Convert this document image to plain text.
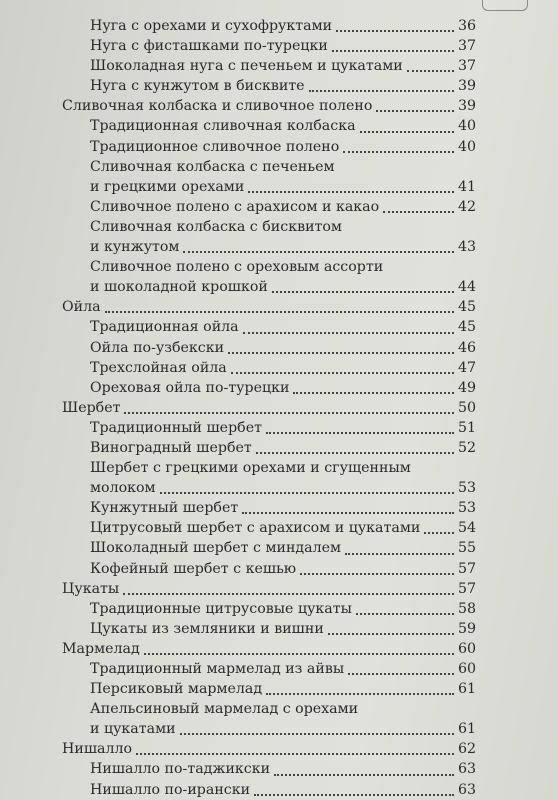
Нуга с орехами и сухофруктами	36
Нуга с фисташками по-турецки	37
Шоколадная нуга с печеньем и цукатами	37
Нуга с кунжутом в бисквите	39
Сливочная колбаска и сливочное полено	39
Традиционная сливочная колбаска	40
Традиционное сливочное полено	40
Сливочная колбаска с печеньем
и грецкими орехами	41
Сливочное полено с арахисом и какао	42
Сливочная колбаска с бисквитом
и кунжутом	43
Сливочное полено с ореховым ассорти
и шоколадной крошкой	44
Ойла	45
Традиционная ойла	45
Ойла по-узбекски	46
Трехслойная ойла	47
Ореховая ойла по-турецки	49
Шербет	50
Традиционный шербет	51
Виноградный шербет	52
Шербет с грецкими орехами и сгущенным
молоком	53
Кунжутный шербет	53
Цитрусовый шербет с арахисом и цукатами	54
Шоколадный шербет с миндалем	55
Кофейный шербет с кешью	57
Цукаты	57
Традиционные цитрусовые цукаты	58
Цукаты из земляники и вишни	59
Мармелад	60
Традиционный мармелад из айвы	60
Персиковый мармелад	61
Апельсиновый мармелад с орехами
и цукатами	61
Нишалло	62
Нишалло по-таджикски	63
Нишалло по-ирански	63
